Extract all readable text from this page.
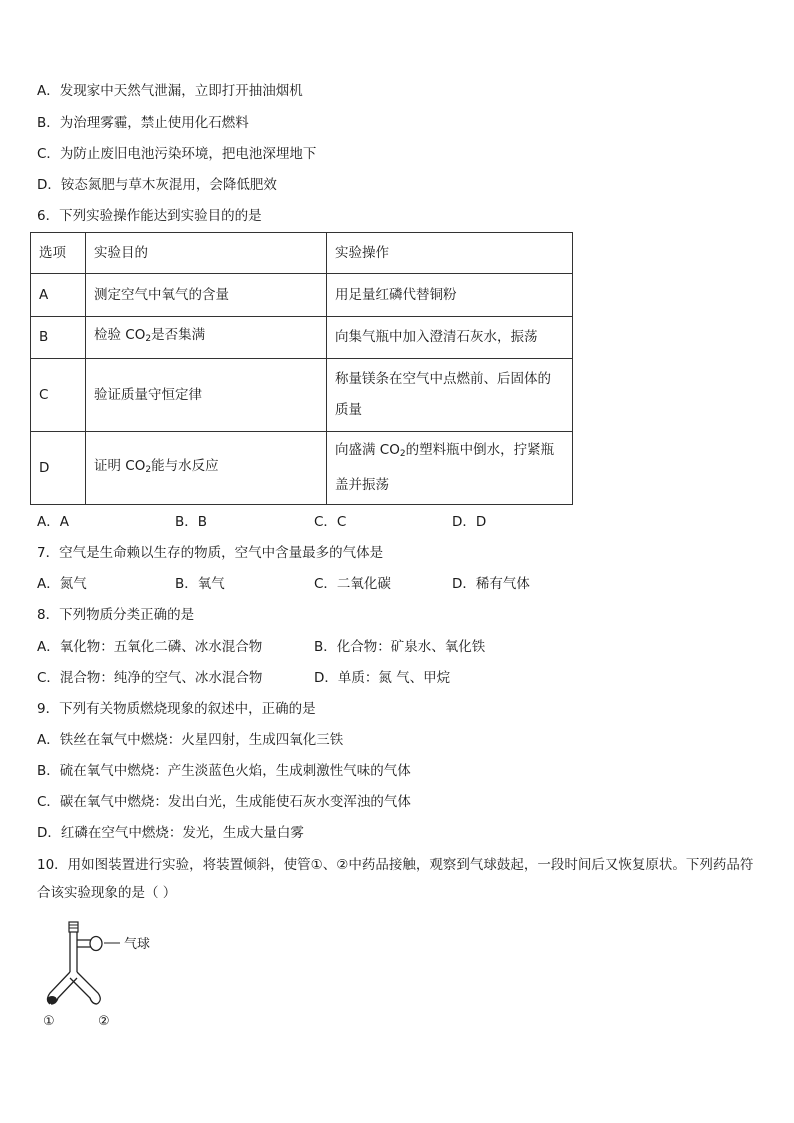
A．发现家中天然气泄漏，立即打开抽油烟机
B．为治理雾霾，禁止使用化石燃料
C．为防止废旧电池污染环境，把电池深埋地下
D．铵态氮肥与草木灰混用，会降低肥效
6．下列实验操作能达到实验目的的是
选项	实验目的	实验操作
A	测定空气中氧气的含量	用足量红磷代替铜粉
B	检验 $CO_2$是否集满	向集气瓶中加入澄清石灰水，振荡
C	验证质量守恒定律	称量镁条在空气中点燃前、后固体的
质量

D	证明 $CO_2$能与水反应	向盛满 $CO_2$的塑料瓶中倒水，拧紧瓶
盖并振荡
A．A	B．B	C．C	D．D
7．空气是生命赖以生存的物质，空气中含量最多的气体是
A．氮气	B．氧气	C．二氧化碳	D．稀有气体
8．下列物质分类正确的是
A．氧化物：五氧化二磷、冰水混合物	B．化合物：矿泉水、氧化铁
C．混合物：纯净的空气、冰水混合物	D．单质：氮 气、甲烷
9．下列有关物质燃烧现象的叙述中，正确的是
A．铁丝在氧气中燃烧：火星四射，生成四氧化三铁
B．硫在氧气中燃烧：产生淡蓝色火焰，生成刺激性气味的气体
C．碳在氧气中燃烧：发出白光，生成能使石灰水变浑浊的气体
D．红磷在空气中燃烧：发光，生成大量白雾
10．用如图装置进行实验，将装置倾斜，使管①、②中药品接触，观察到气球鼓起，一段时间后又恢复原状。下列药品符合该实验现象的是（ ）
气球
①	②
